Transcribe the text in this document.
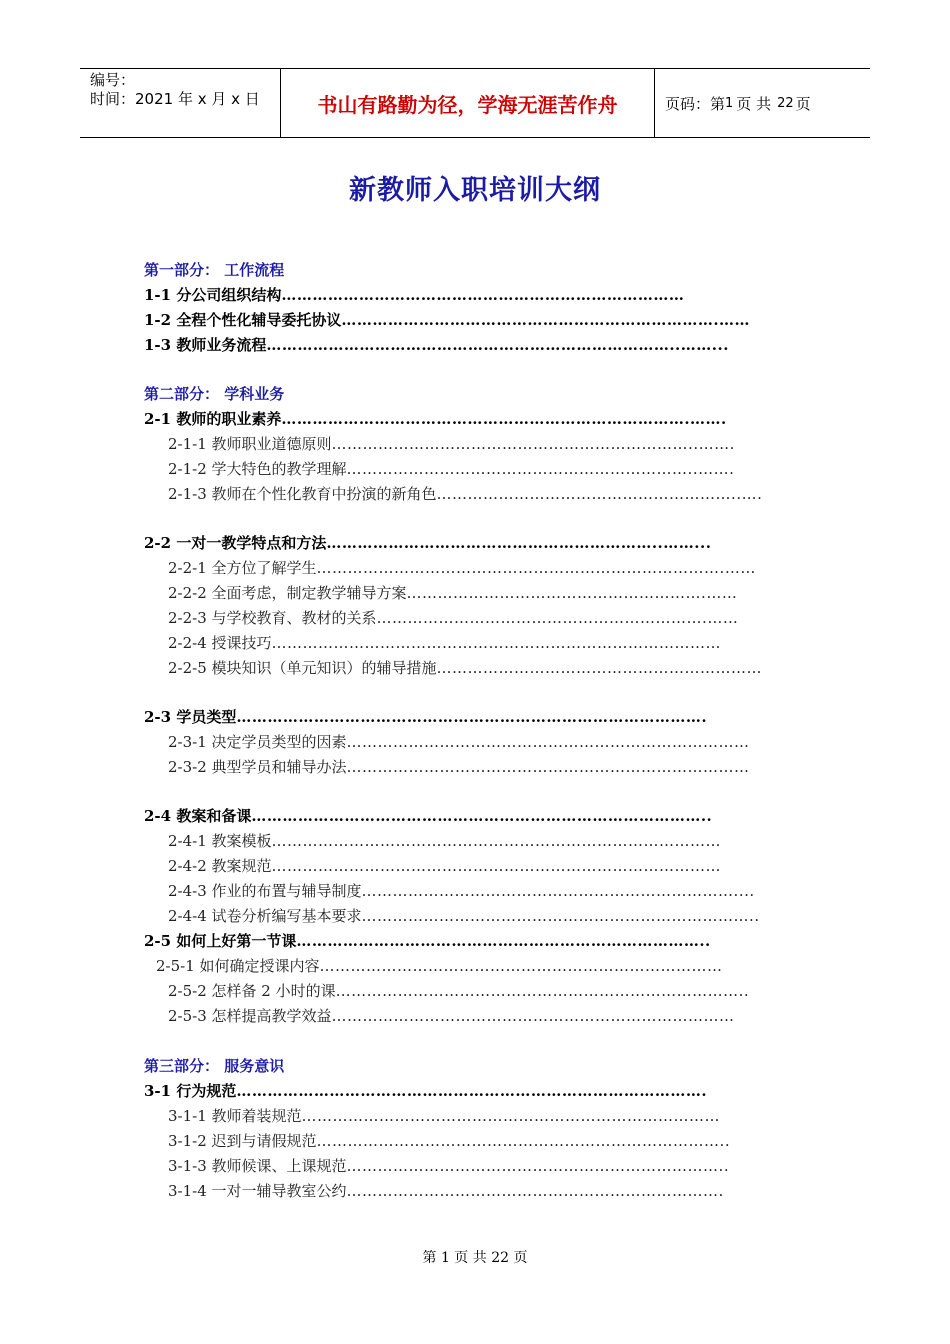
编号：
时间：2021 年 x 月 x 日	书山有路勤为径，学海无涯苦作舟	页码：第 1 页 共 22 页
新教师入职培训大纲
第一部分： 工作流程
1-1 分公司组织结构……………………………………………………………………
1-2 全程个性化辅导委托协议……………………………………………………………….……
1-3 教师业务流程……………………………………………………………………..……...
第二部分： 学科业务
2-1 教师的职业素养…………………………………………………………………….…….
2-1-1 教师职业道德原则……………………………………………………………..…….
2-1-2 学大特色的教学理解…………………………………………………………..…….
2-1-3 教师在个性化教育中扮演的新角色…………………………………………………..….
2-2 一对一教学特点和方法………………………………………………………..……...
2-2-1 全方位了解学生…………………………………………………………………….……
2-2-2 全面考虑，制定教学辅导方案………………………………………………….……
2-2-3 与学校教育、教材的关系……………………………………………………….……
2-2-4 授课技巧……………………………………………………………………………
2-2-5 模块知识（单元知识）的辅导措施………………………………………………………
2-3 学员类型……………………………………………………………………………….
2-3-1 决定学员类型的因素……………………………………………………………………
2-3-2 典型学员和辅导办法……………………………………………………………………
2-4 教案和备课……………………………………………………………………………..
2-4-1 教案模板……………………………………………………………………………
2-4-2 教案规范……………………………………………………………………………
2-4-3 作业的布置与辅导制度………………………………………………………………....
2-4-4 试卷分析编写基本要求…………………………………………………………………..
2-5 如何上好第一节课……………………………………………………………………..
2-5-1 如何确定授课内容……………………………………………………………………
2-5-2 怎样备 2 小时的课……………………………………………………………………..
2-5-3 怎样提高教学效益……………………………………………………………………
第三部分： 服务意识
3-1 行为规范……………………………………………………………………………….
3-1-1 教师着装规范………………………………………………………………………
3-1-2 迟到与请假规范……………………………………………………………………..
3-1-3 教师候课、上课规范………………………………………………………………..
3-1-4 一对一辅导教室公约……………………………………………………………….
第 1 页 共 22 页
